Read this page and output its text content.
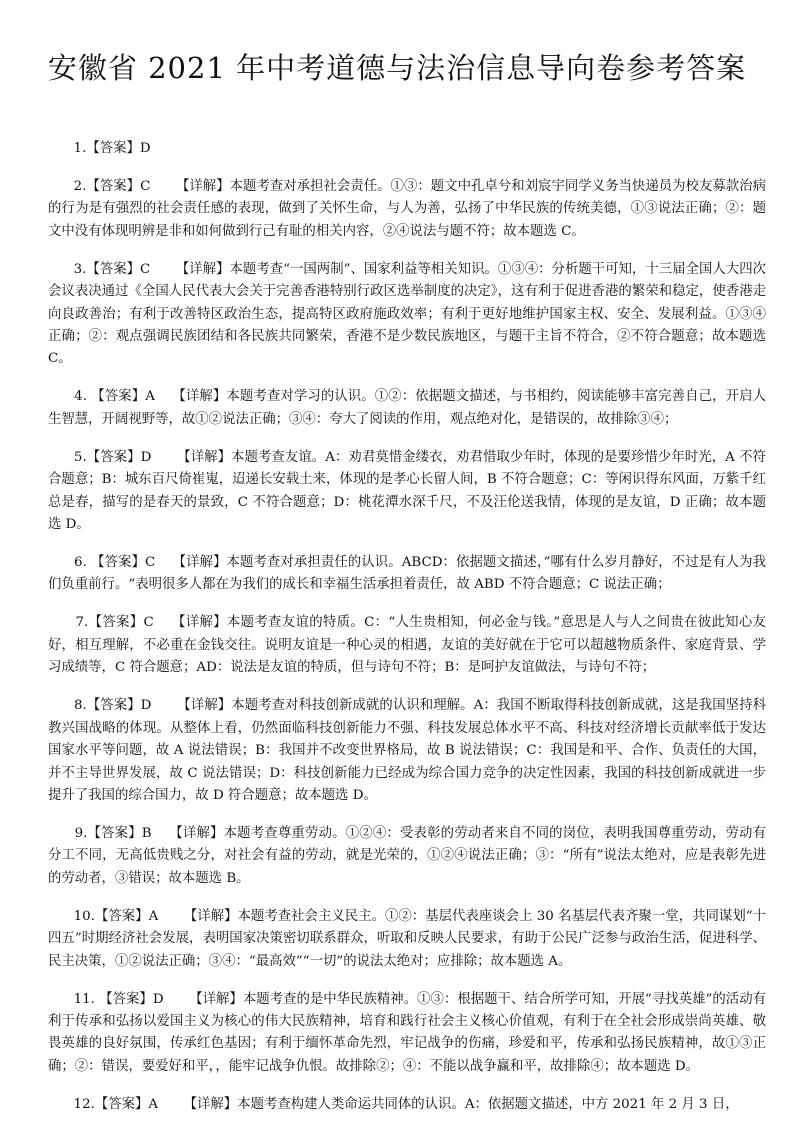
安徽省 2021 年中考道德与法治信息导向卷参考答案

1.【答案】D

2.【答案】C      【详解】本题考查对承担社会责任。①③：题文中孔卓兮和刘宸宇同学义务当快递员为校友募款治病的行为是有强烈的社会责任感的表现，做到了关怀生命，与人为善，弘扬了中华民族的传统美德，①③说法正确；②：题文中没有体现明辨是非和如何做到行己有耻的相关内容，②④说法与题不符；故本题选 C。

3.【答案】C      【详解】本题考查“一国两制”、国家利益等相关知识。①③④：分析题干可知，十三届全国人大四次会议表决通过《全国人民代表大会关于完善香港特别行政区选举制度的决定》，这有利于促进香港的繁荣和稳定，使香港走向良政善治；有利于改善特区政治生态，提高特区政府施政效率；有利于更好地维护国家主权、安全、发展利益。①③④正确；②：观点强调民族团结和各民族共同繁荣，香港不是少数民族地区，与题干主旨不符合，②不符合题意；故本题选 C。

4. 【答案】A    【详解】本题考查对学习的认识。①②：依据题文描述，与书相约，阅读能够丰富完善自己，开启人生智慧，开阔视野等，故①②说法正确；③④：夸大了阅读的作用，观点绝对化，是错误的，故排除③④；

5.【答案】D      【详解】本题考查友谊。A：劝君莫惜金缕衣，劝君惜取少年时，体现的是要珍惜少年时光，A 不符合题意；B：城东百尺倚崔嵬，迢递长安载土来，体现的是孝心长留人间，B 不符合题意；C：等闲识得东风面，万紫千红总是春，描写的是春天的景致，C 不符合题意；D：桃花潭水深千尺，不及汪伦送我情，体现的是友谊，D 正确；故本题选 D。

6. 【答案】C    【详解】本题考查对承担责任的认识。ABCD：依据题文描述，”哪有什么岁月静好，不过是有人为我们负重前行。“表明很多人都在为我们的成长和幸福生活承担着责任，故 ABD 不符合题意；C 说法正确；

7.【答案】C    【详解】本题考查友谊的特质。C：“人生贵相知，何必金与钱。”意思是人与人之间贵在彼此知心友好，相互理解，不必重在金钱交往。说明友谊是一种心灵的相遇，友谊的美好就在于它可以超越物质条件、家庭背景、学习成绩等，C 符合题意；AD：说法是友谊的特质，但与诗句不符；B：是呵护友谊做法，与诗句不符；

8.【答案】D      【详解】本题考查对科技创新成就的认识和理解。A：我国不断取得科技创新成就，这是我国坚持科教兴国战略的体现。从整体上看，仍然面临科技创新能力不强、科技发展总体水平不高、科技对经济增长贡献率低于发达国家水平等问题，故 A 说法错误；B：我国并不改变世界格局，故 B 说法错误；C：我国是和平、合作、负责任的大国，并不主导世界发展，故 C 说法错误；D：科技创新能力已经成为综合国力竞争的决定性因素，我国的科技创新成就进一步提升了我国的综合国力，故 D 符合题意；故本题选 D。

9.【答案】B    【详解】本题考查尊重劳动。①②④：受表彰的劳动者来自不同的岗位，表明我国尊重劳动，劳动有分工不同，无高低贵贱之分，对社会有益的劳动，就是光荣的，①②④说法正确；③：“所有”说法太绝对，应是表彰先进的劳动者，③错误；故本题选 B。

10.【答案】A      【详解】本题考查社会主义民主。①②：基层代表座谈会上 30 名基层代表齐聚一堂，共同谋划“十四五”时期经济社会发展，表明国家决策密切联系群众，听取和反映人民要求，有助于公民广泛参与政治生活，促进科学、民主决策，①②说法正确；③④：“最高效”“一切”的说法太绝对；应排除；故本题选 A。

11. 【答案】D      【详解】本题考查的是中华民族精神。①③：根据题干、结合所学可知，开展“寻找英雄”的活动有利于传承和弘扬以爱国主义为核心的伟大民族精神，培育和践行社会主义核心价值观，有利于在全社会形成崇尚英雄、敬畏英雄的良好氛围，传承红色基因；有利于缅怀革命先烈，牢记战争的伤痛，珍爱和平，传承和弘扬民族精神，故①③正确；②：错误，要爱好和平，，能牢记战争仇恨。故排除②；④：不能以战争赢和平，故排除④；故本题选 D。

12.【答案】A      【详解】本题考查构建人类命运共同体的认识。A：依据题文描述，中方 2021 年 2 月 3 日，
